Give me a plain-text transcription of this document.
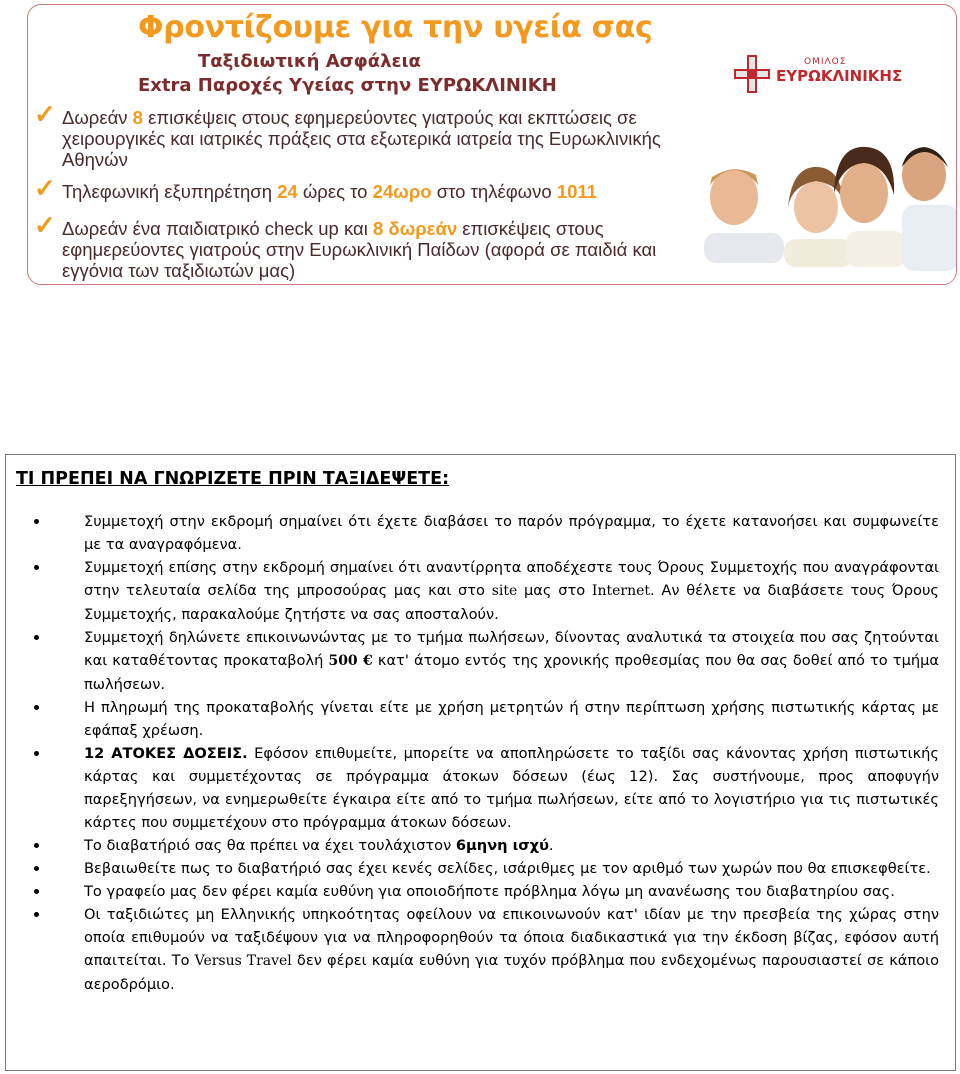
Φροντίζουμε για την υγεία σας
Ταξιδιωτική Ασφάλεια
Extra Παροχές Υγείας στην ΕΥΡΩΚΛΙΝΙΚΗ
✓ Δωρεάν 8 επισκέψεις στους εφημερεύοντες γιατρούς και εκπτώσεις σε χειρουργικές και ιατρικές πράξεις στα εξωτερικά ιατρεία της Ευρωκλινικής Αθηνών
✓ Τηλεφωνική εξυπηρέτηση 24 ώρες το 24ωρο στο τηλέφωνο 1011
✓ Δωρεάν ένα παιδιατρικό check up και 8 δωρεάν επισκέψεις στους εφημερεύοντες γιατρούς στην Ευρωκλινική Παίδων (αφορά σε παιδιά και εγγόνια των ταξιδιωτών μας)
ΟΜΙΛΟΣ
ΕΥΡΩΚΛΙΝΙΚΗΣ
ΤΙ ΠΡΕΠΕΙ ΝΑ ΓΝΩΡΙΖΕΤΕ ΠΡΙΝ ΤΑΞΙΔΕΨΕΤΕ:
Συμμετοχή στην εκδρομή σημαίνει ότι έχετε διαβάσει το παρόν πρόγραμμα, το έχετε κατανοήσει και συμφωνείτε με τα αναγραφόμενα.
Συμμετοχή επίσης στην εκδρομή σημαίνει ότι αναντίρρητα αποδέχεστε τους Όρους Συμμετοχής που αναγράφονται στην τελευταία σελίδα της μπροσούρας μας και στο site μας στο Internet. Αν θέλετε να διαβάσετε τους Όρους Συμμετοχής, παρακαλούμε ζητήστε να σας αποσταλούν.
Συμμετοχή δηλώνετε επικοινωνώντας με το τμήμα πωλήσεων, δίνοντας αναλυτικά τα στοιχεία που σας ζητούνται και καταθέτοντας προκαταβολή 500 € κατ' άτομο εντός της χρονικής προθεσμίας που θα σας δοθεί από το τμήμα πωλήσεων.
Η πληρωμή της προκαταβολής γίνεται είτε με χρήση μετρητών ή στην περίπτωση χρήσης πιστωτικής κάρτας με εφάπαξ χρέωση.
12 ΑΤΟΚΕΣ ΔΟΣΕΙΣ. Εφόσον επιθυμείτε, μπορείτε να αποπληρώσετε το ταξίδι σας κάνοντας χρήση πιστωτικής κάρτας και συμμετέχοντας σε πρόγραμμα άτοκων δόσεων (έως 12). Σας συστήνουμε, προς αποφυγήν παρεξηγήσεων, να ενημερωθείτε έγκαιρα είτε από το τμήμα πωλήσεων, είτε από το λογιστήριο για τις πιστωτικές κάρτες που συμμετέχουν στο πρόγραμμα άτοκων δόσεων.
Το διαβατήριό σας θα πρέπει να έχει τουλάχιστον 6μηνη ισχύ.
Βεβαιωθείτε πως το διαβατήριό σας έχει κενές σελίδες, ισάριθμες με τον αριθμό των χωρών που θα επισκεφθείτε.
Το γραφείο μας δεν φέρει καμία ευθύνη για οποιοδήποτε πρόβλημα λόγω μη ανανέωσης του διαβατηρίου σας.
Οι ταξιδιώτες μη Ελληνικής υπηκοότητας οφείλουν να επικοινωνούν κατ' ιδίαν με την πρεσβεία της χώρας στην οποία επιθυμούν να ταξιδέψουν για να πληροφορηθούν τα όποια διαδικαστικά για την έκδοση βίζας, εφόσον αυτή απαιτείται. Το Versus Travel δεν φέρει καμία ευθύνη για τυχόν πρόβλημα που ενδεχομένως παρουσιαστεί σε κάποιο αεροδρόμιο.
